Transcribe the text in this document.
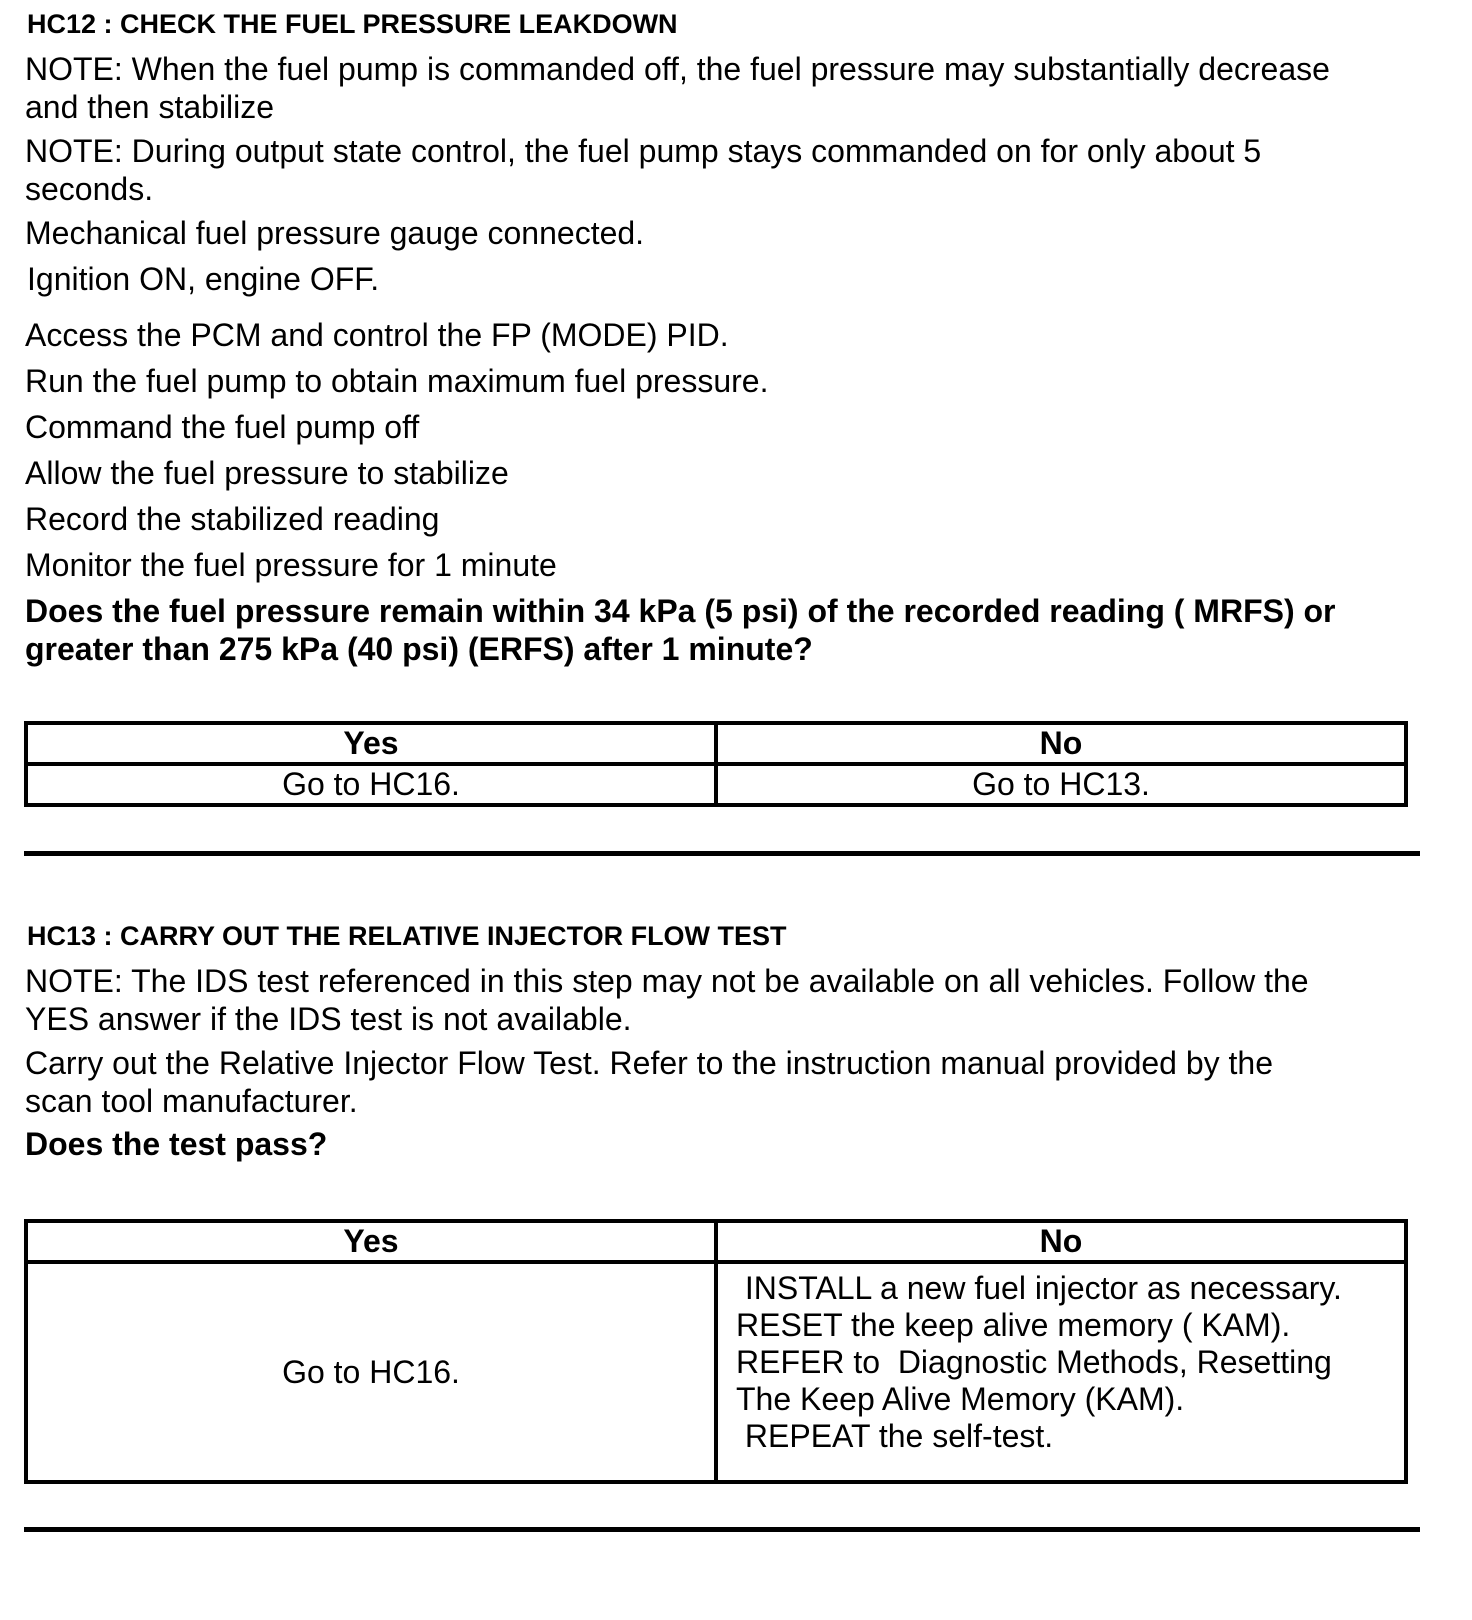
HC12 : CHECK THE FUEL PRESSURE LEAKDOWN
NOTE: When the fuel pump is commanded off, the fuel pressure may substantially decrease
and then stabilize
NOTE: During output state control, the fuel pump stays commanded on for only about 5
seconds.
Mechanical fuel pressure gauge connected.
Ignition ON, engine OFF.
Access the PCM and control the FP (MODE) PID.
Run the fuel pump to obtain maximum fuel pressure.
Command the fuel pump off
Allow the fuel pressure to stabilize
Record the stabilized reading
Monitor the fuel pressure for 1 minute
Does the fuel pressure remain within 34 kPa (5 psi) of the recorded reading ( MRFS) or
greater than 275 kPa (40 psi) (ERFS) after 1 minute?
Yes	No
Go to HC16.	Go to HC13.
HC13 : CARRY OUT THE RELATIVE INJECTOR FLOW TEST
NOTE: The IDS test referenced in this step may not be available on all vehicles. Follow the
YES answer if the IDS test is not available.
Carry out the Relative Injector Flow Test. Refer to the instruction manual provided by the
scan tool manufacturer.
Does the test pass?
Yes	No
Go to HC16.	INSTALL a new fuel injector as necessary.
RESET the keep alive memory ( KAM).
REFER to  Diagnostic Methods, Resetting
The Keep Alive Memory (KAM).
REPEAT the self-test.
